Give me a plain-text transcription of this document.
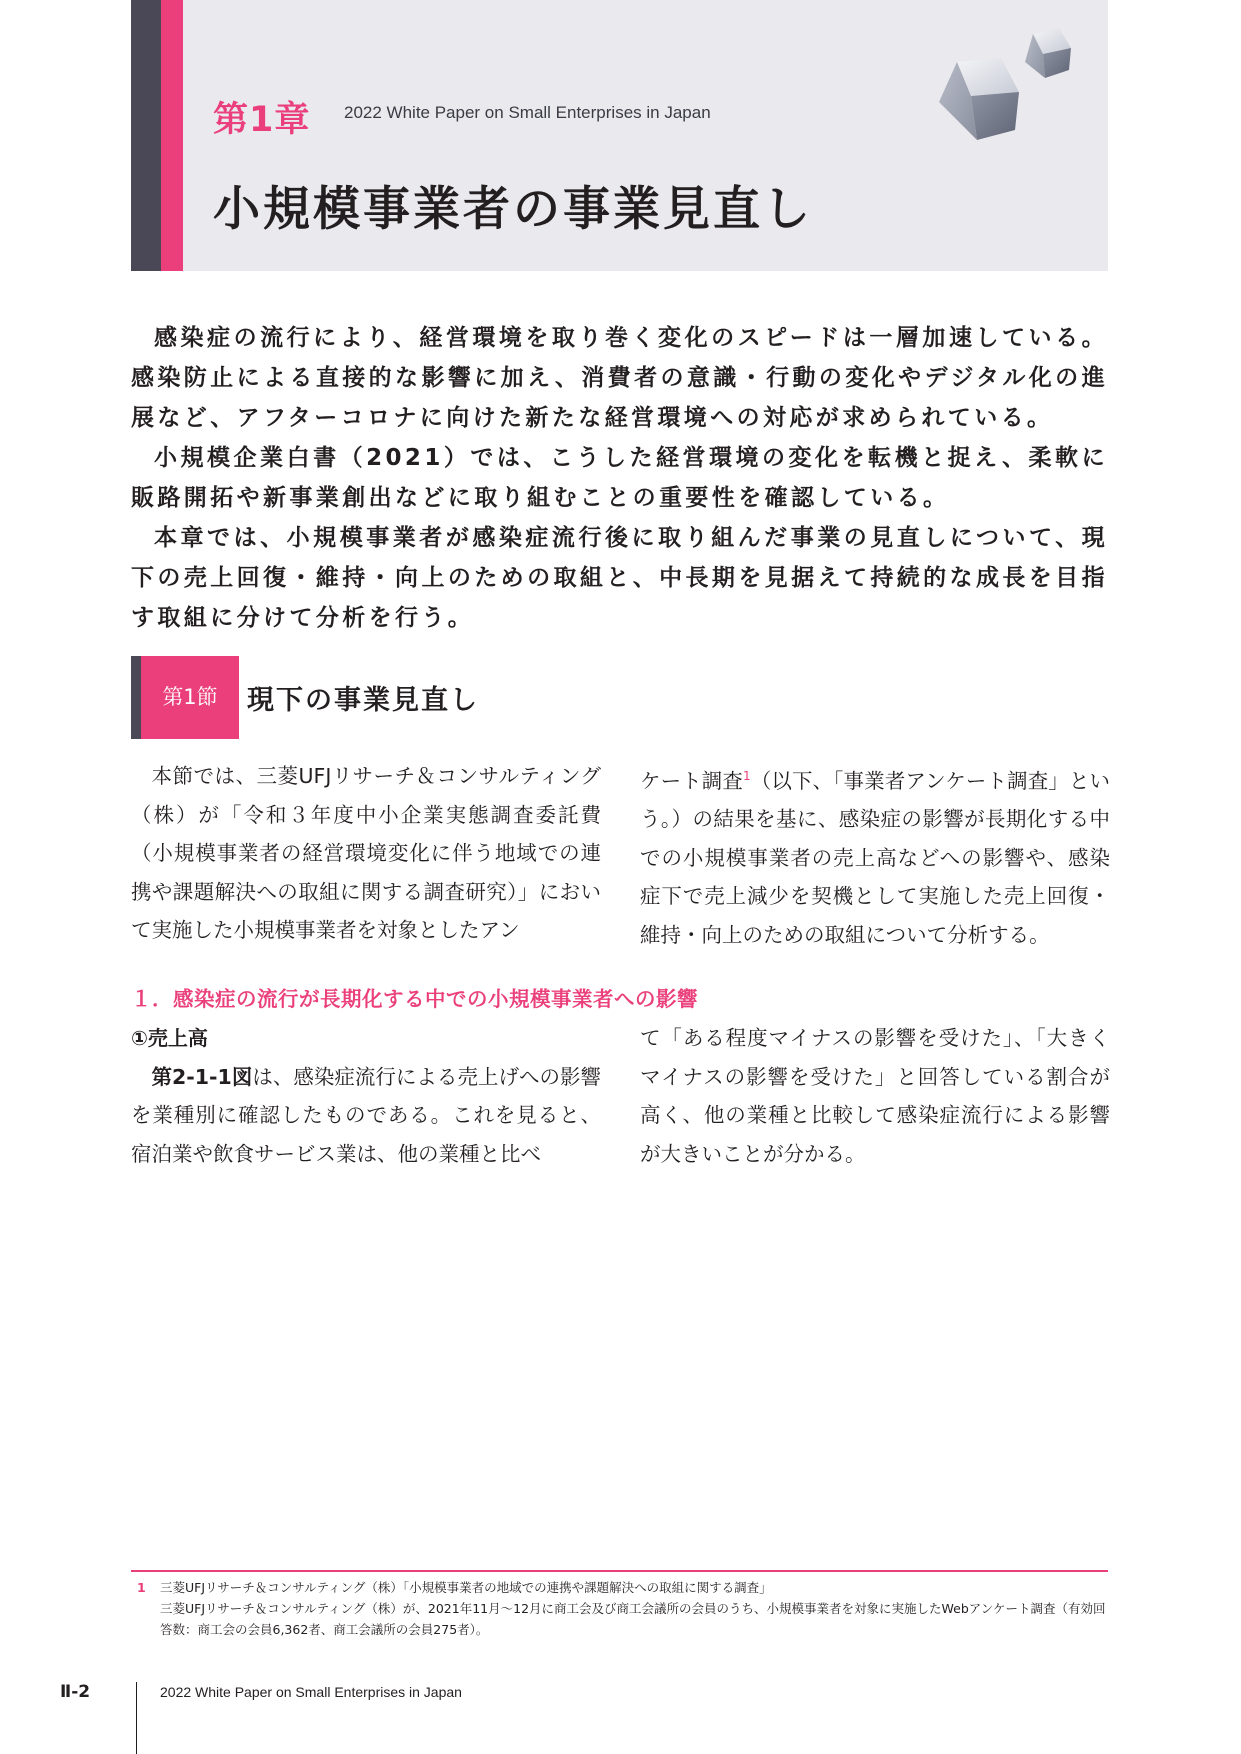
第1章 2022 White Paper on Small Enterprises in Japan
小規模事業者の事業見直し

感染症の流行により、経営環境を取り巻く変化のスピードは一層加速している。感染防止による直接的な影響に加え、消費者の意識・行動の変化やデジタル化の進展など、アフターコロナに向けた新たな経営環境への対応が求められている。

小規模企業白書（2021）では、こうした経営環境の変化を転機と捉え、柔軟に販路開拓や新事業創出などに取り組むことの重要性を確認している。

本章では、小規模事業者が感染症流行後に取り組んだ事業の見直しについて、現下の売上回復・維持・向上のための取組と、中長期を見据えて持続的な成長を目指す取組に分けて分析を行う。

第1節	現下の事業見直し

本節では、三菱UFJリサーチ＆コンサルティング（株）が「令和３年度中小企業実態調査委託費（小規模事業者の経営環境変化に伴う地域での連携や課題解決への取組に関する調査研究）」において実施した小規模事業者を対象としたアン

ケート調査$^1$（以下、「事業者アンケート調査」という。）の結果を基に、感染症の影響が長期化する中での小規模事業者の売上高などへの影響や、感染症下で売上減少を契機として実施した売上回復・維持・向上のための取組について分析する。

１．感染症の流行が長期化する中での小規模事業者への影響

①売上高

第2-1-1図は、感染症流行による売上げへの影響を業種別に確認したものである。これを見ると、宿泊業や飲食サービス業は、他の業種と比べ

て「ある程度マイナスの影響を受けた」、「大きくマイナスの影響を受けた」と回答している割合が高く、他の業種と比較して感染症流行による影響が大きいことが分かる。

1 三菱UFJリサーチ＆コンサルティング（株）「小規模事業者の地域での連携や課題解決への取組に関する調査」
三菱UFJリサーチ＆コンサルティング（株）が、2021年11月～12月に商工会及び商工会議所の会員のうち、小規模事業者を対象に実施したWebアンケート調査（有効回答数：商工会の会員6,362者、商工会議所の会員275者）。
Ⅱ-2	2022 White Paper on Small Enterprises in Japan
